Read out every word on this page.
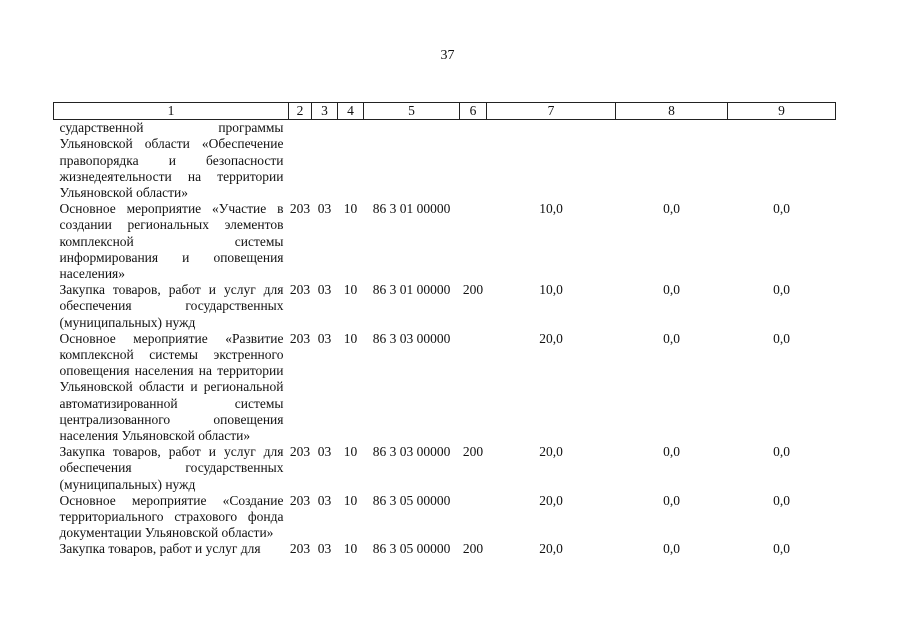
37
1	2	3	4	5	6	7	8	9
сударственной программы Ульяновской области «Обеспечение правопорядка и безопасности жизнедеятельности на территории Ульяновской области»								
Основное мероприятие «Участие в создании региональных элементов комплексной системы информирования и оповещения населения»	203	03	10	86 3 01 00000		10,0	0,0	0,0
Закупка товаров, работ и услуг для обеспечения государственных (муниципальных) нужд	203	03	10	86 3 01 00000	200	10,0	0,0	0,0
Основное мероприятие «Развитие комплексной системы экстренного оповещения населения на территории Ульяновской области и региональной автоматизированной системы централизованного оповещения населения Ульяновской области»	203	03	10	86 3 03 00000		20,0	0,0	0,0
Закупка товаров, работ и услуг для обеспечения государственных (муниципальных) нужд	203	03	10	86 3 03 00000	200	20,0	0,0	0,0
Основное мероприятие «Создание территориального страхового фонда документации Ульяновской области»	203	03	10	86 3 05 00000		20,0	0,0	0,0
Закупка товаров, работ и услуг для	203	03	10	86 3 05 00000	200	20,0	0,0	0,0
